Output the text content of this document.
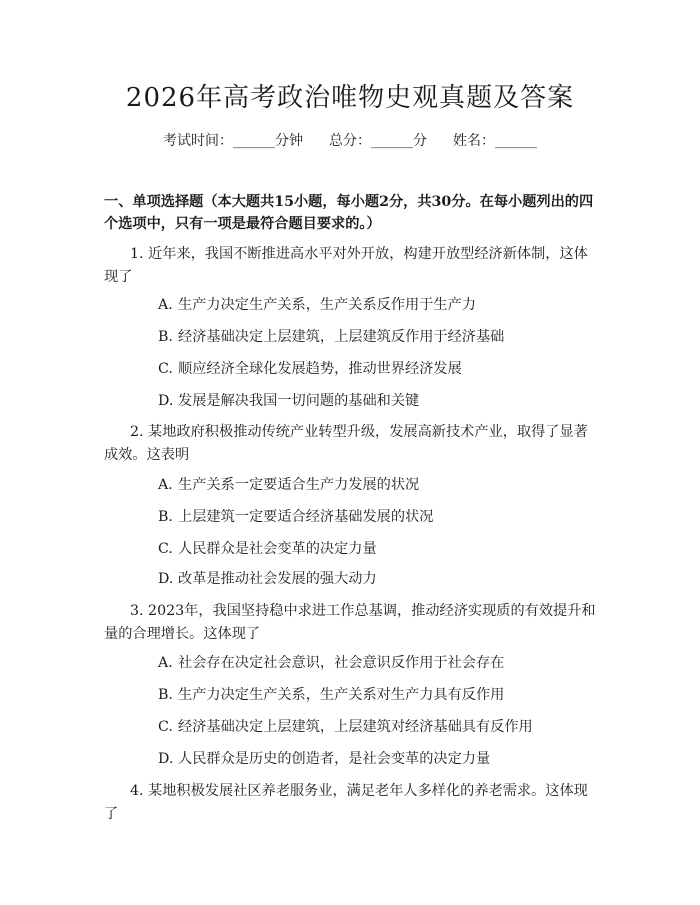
2026年高考政治唯物史观真题及答案
考试时间：______分钟 总分：______分 姓名：______

一、单项选择题（本大题共15小题，每小题2分，共30分。在每小题列出的四个选项中，只有一项是最符合题目要求的。）

1. 近年来，我国不断推进高水平对外开放，构建开放型经济新体制，这体现了

A. 生产力决定生产关系，生产关系反作用于生产力

B. 经济基础决定上层建筑，上层建筑反作用于经济基础

C. 顺应经济全球化发展趋势，推动世界经济发展

D. 发展是解决我国一切问题的基础和关键

2. 某地政府积极推动传统产业转型升级，发展高新技术产业，取得了显著成效。这表明

A. 生产关系一定要适合生产力发展的状况

B. 上层建筑一定要适合经济基础发展的状况

C. 人民群众是社会变革的决定力量

D. 改革是推动社会发展的强大动力

3. 2023年，我国坚持稳中求进工作总基调，推动经济实现质的有效提升和量的合理增长。这体现了

A. 社会存在决定社会意识，社会意识反作用于社会存在

B. 生产力决定生产关系，生产关系对生产力具有反作用

C. 经济基础决定上层建筑，上层建筑对经济基础具有反作用

D. 人民群众是历史的创造者，是社会变革的决定力量

4. 某地积极发展社区养老服务业，满足老年人多样化的养老需求。这体现了
